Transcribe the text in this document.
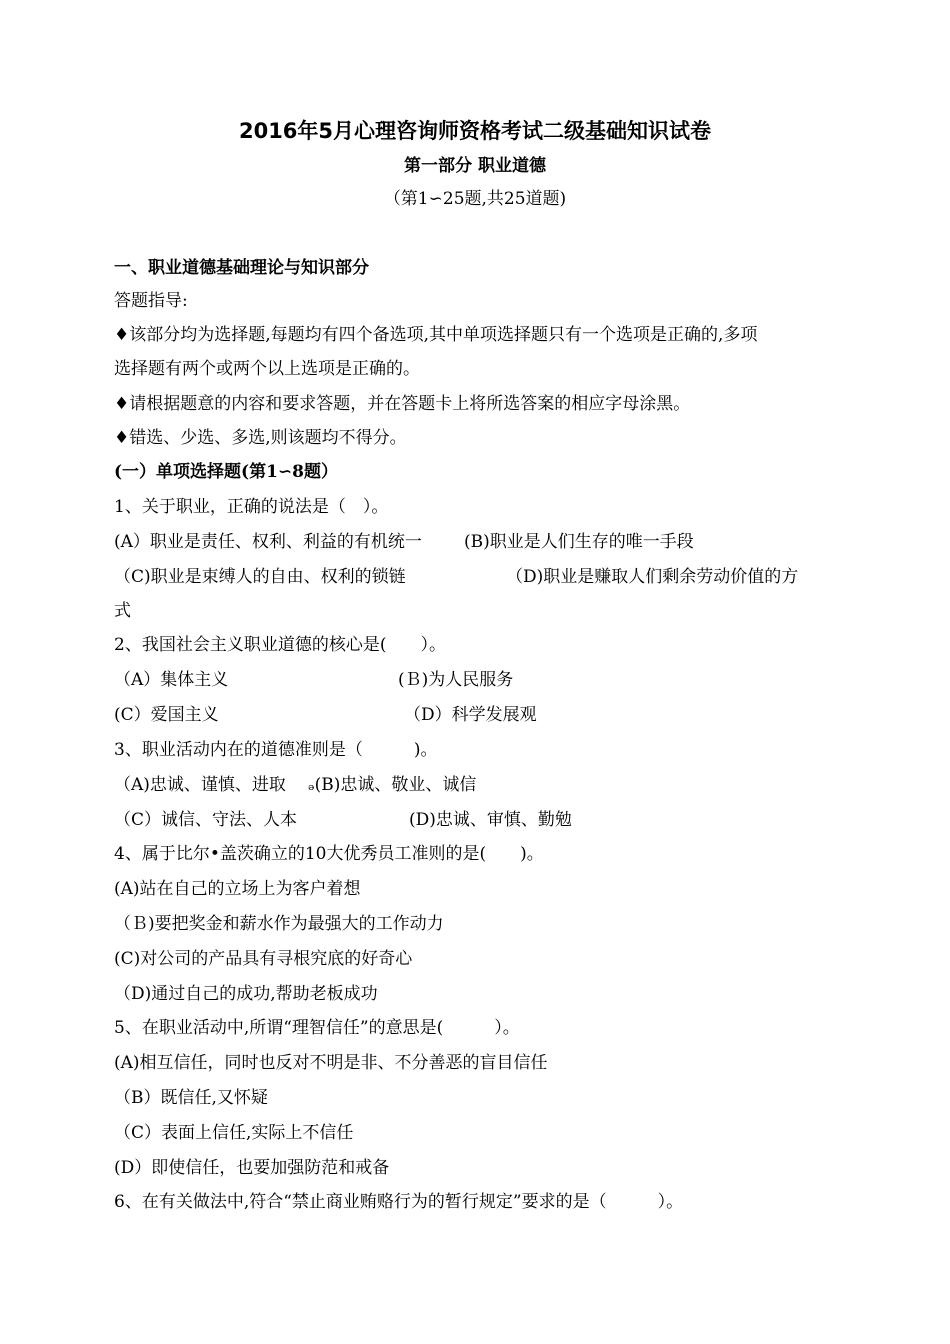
2016年5月心理咨询师资格考试二级基础知识试卷
第一部分 职业道德
（第1∽25题,共25道题)
一、职业道德基础理论与知识部分
答题指导:
♦该部分均为选择题,每题均有四个备选项,其中单项选择题只有一个选项是正确的,多项
选择题有两个或两个以上选项是正确的。
♦请根据题意的内容和要求答题，并在答题卡上将所选答案的相应字母涂黑。
♦错选、少选、多选,则该题均不得分。
(一）单项选择题(第1∽8题）
1、关于职业，正确的说法是（　）。
(A）职业是责任、权利、利益的有机统一 (B)职业是人们生存的唯一手段
（C)职业是束缚人的自由、权利的锁链	（D)职业是赚取人们剩余劳动价值的方
式
2、我国社会主义职业道德的核心是(　　）。
（A）集体主义	(Ｂ)为人民服务
(C）爱国主义	（D）科学发展观
3、职业活动内在的道德准则是（　　　)。
（A)忠诚、谨慎、进取 ₔ(B)忠诚、敬业、诚信
（C）诚信、守法、人本	(D)忠诚、审慎、勤勉
4、属于比尔•盖茨确立的10大优秀员工准则的是(　　)。
(A)站在自己的立场上为客户着想
（Ｂ)要把奖金和薪水作为最强大的工作动力
(C)对公司的产品具有寻根究底的好奇心
（D)通过自己的成功,帮助老板成功
5、在职业活动中,所谓“理智信任”的意思是(　　　）。
(A)相互信任，同时也反对不明是非、不分善恶的盲目信任
（B）既信任,又怀疑
（C）表面上信任,实际上不信任
(D）即使信任，也要加强防范和戒备
6、在有关做法中,符合“禁止商业贿赂行为的暂行规定”要求的是（　　　）。
